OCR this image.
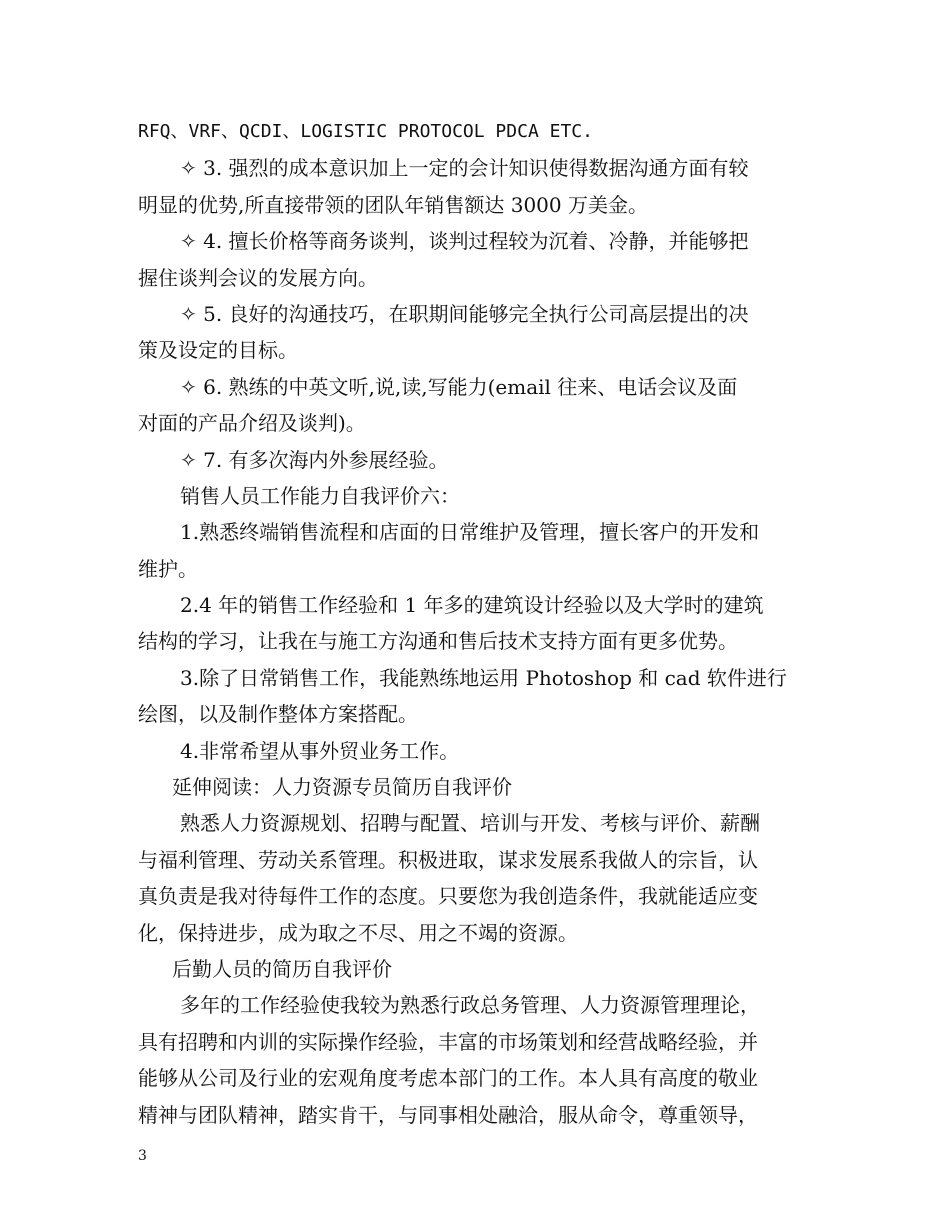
RFQ、VRF、QCDI、LOGISTIC PROTOCOL PDCA ETC.
✧ 3. 强烈的成本意识加上一定的会计知识使得数据沟通方面有较
明显的优势,所直接带领的团队年销售额达 3000 万美金。
✧ 4. 擅长价格等商务谈判，谈判过程较为沉着、冷静，并能够把
握住谈判会议的发展方向。
✧ 5. 良好的沟通技巧，在职期间能够完全执行公司高层提出的决
策及设定的目标。
✧ 6. 熟练的中英文听,说,读,写能力(email 往来、电话会议及面
对面的产品介绍及谈判)。
✧ 7. 有多次海内外参展经验。
销售人员工作能力自我评价六：
1.熟悉终端销售流程和店面的日常维护及管理，擅长客户的开发和
维护。
2.4 年的销售工作经验和 1 年多的建筑设计经验以及大学时的建筑
结构的学习，让我在与施工方沟通和售后技术支持方面有更多优势。
3.除了日常销售工作，我能熟练地运用 Photoshop 和 cad 软件进行
绘图，以及制作整体方案搭配。
4.非常希望从事外贸业务工作。
延伸阅读：人力资源专员简历自我评价
熟悉人力资源规划、招聘与配置、培训与开发、考核与评价、薪酬
与福利管理、劳动关系管理。积极进取，谋求发展系我做人的宗旨，认
真负责是我对待每件工作的态度。只要您为我创造条件，我就能适应变
化，保持进步，成为取之不尽、用之不竭的资源。
后勤人员的简历自我评价
多年的工作经验使我较为熟悉行政总务管理、人力资源管理理论，
具有招聘和内训的实际操作经验，丰富的市场策划和经营战略经验，并
能够从公司及行业的宏观角度考虑本部门的工作。本人具有高度的敬业
精神与团队精神，踏实肯干，与同事相处融洽，服从命令，尊重领导，
3
